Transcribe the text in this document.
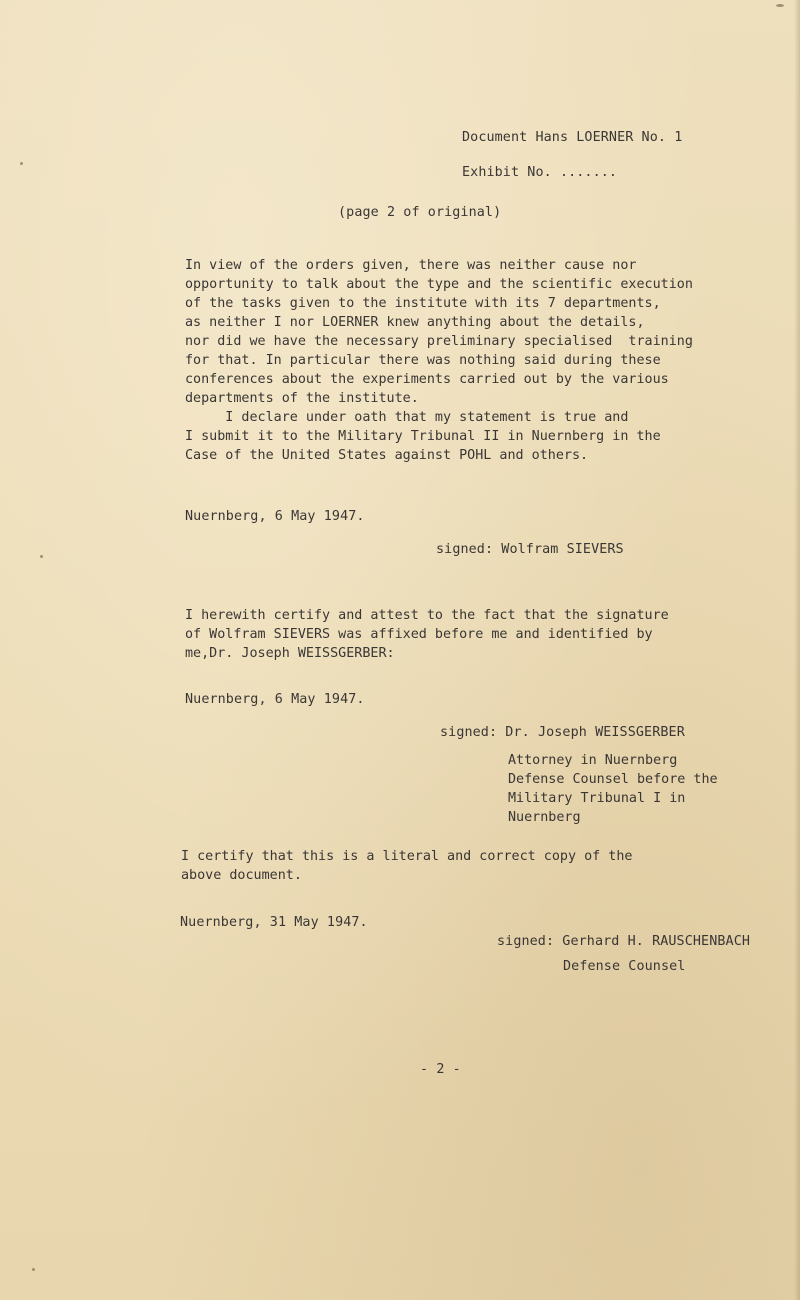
Document Hans LOERNER No. 1
Exhibit No. .......
(page 2 of original)
In view of the orders given, there was neither cause nor
opportunity to talk about the type and the scientific execution
of the tasks given to the institute with its 7 departments,
as neither I nor LOERNER knew anything about the details,
nor did we have the necessary preliminary specialised  training
for that. In particular there was nothing said during these
conferences about the experiments carried out by the various
departments of the institute.
I declare under oath that my statement is true and
I submit it to the Military Tribunal II in Nuernberg in the
Case of the United States against POHL and others.
Nuernberg, 6 May 1947.
signed: Wolfram SIEVERS
I herewith certify and attest to the fact that the signature
of Wolfram SIEVERS was affixed before me and identified by
me,Dr. Joseph WEISSGERBER:
Nuernberg, 6 May 1947.
signed: Dr. Joseph WEISSGERBER
Attorney in Nuernberg
Defense Counsel before the
Military Tribunal I in
Nuernberg
I certify that this is a literal and correct copy of the
above document.
Nuernberg, 31 May 1947.
signed: Gerhard H. RAUSCHENBACH
Defense Counsel
- 2 -
